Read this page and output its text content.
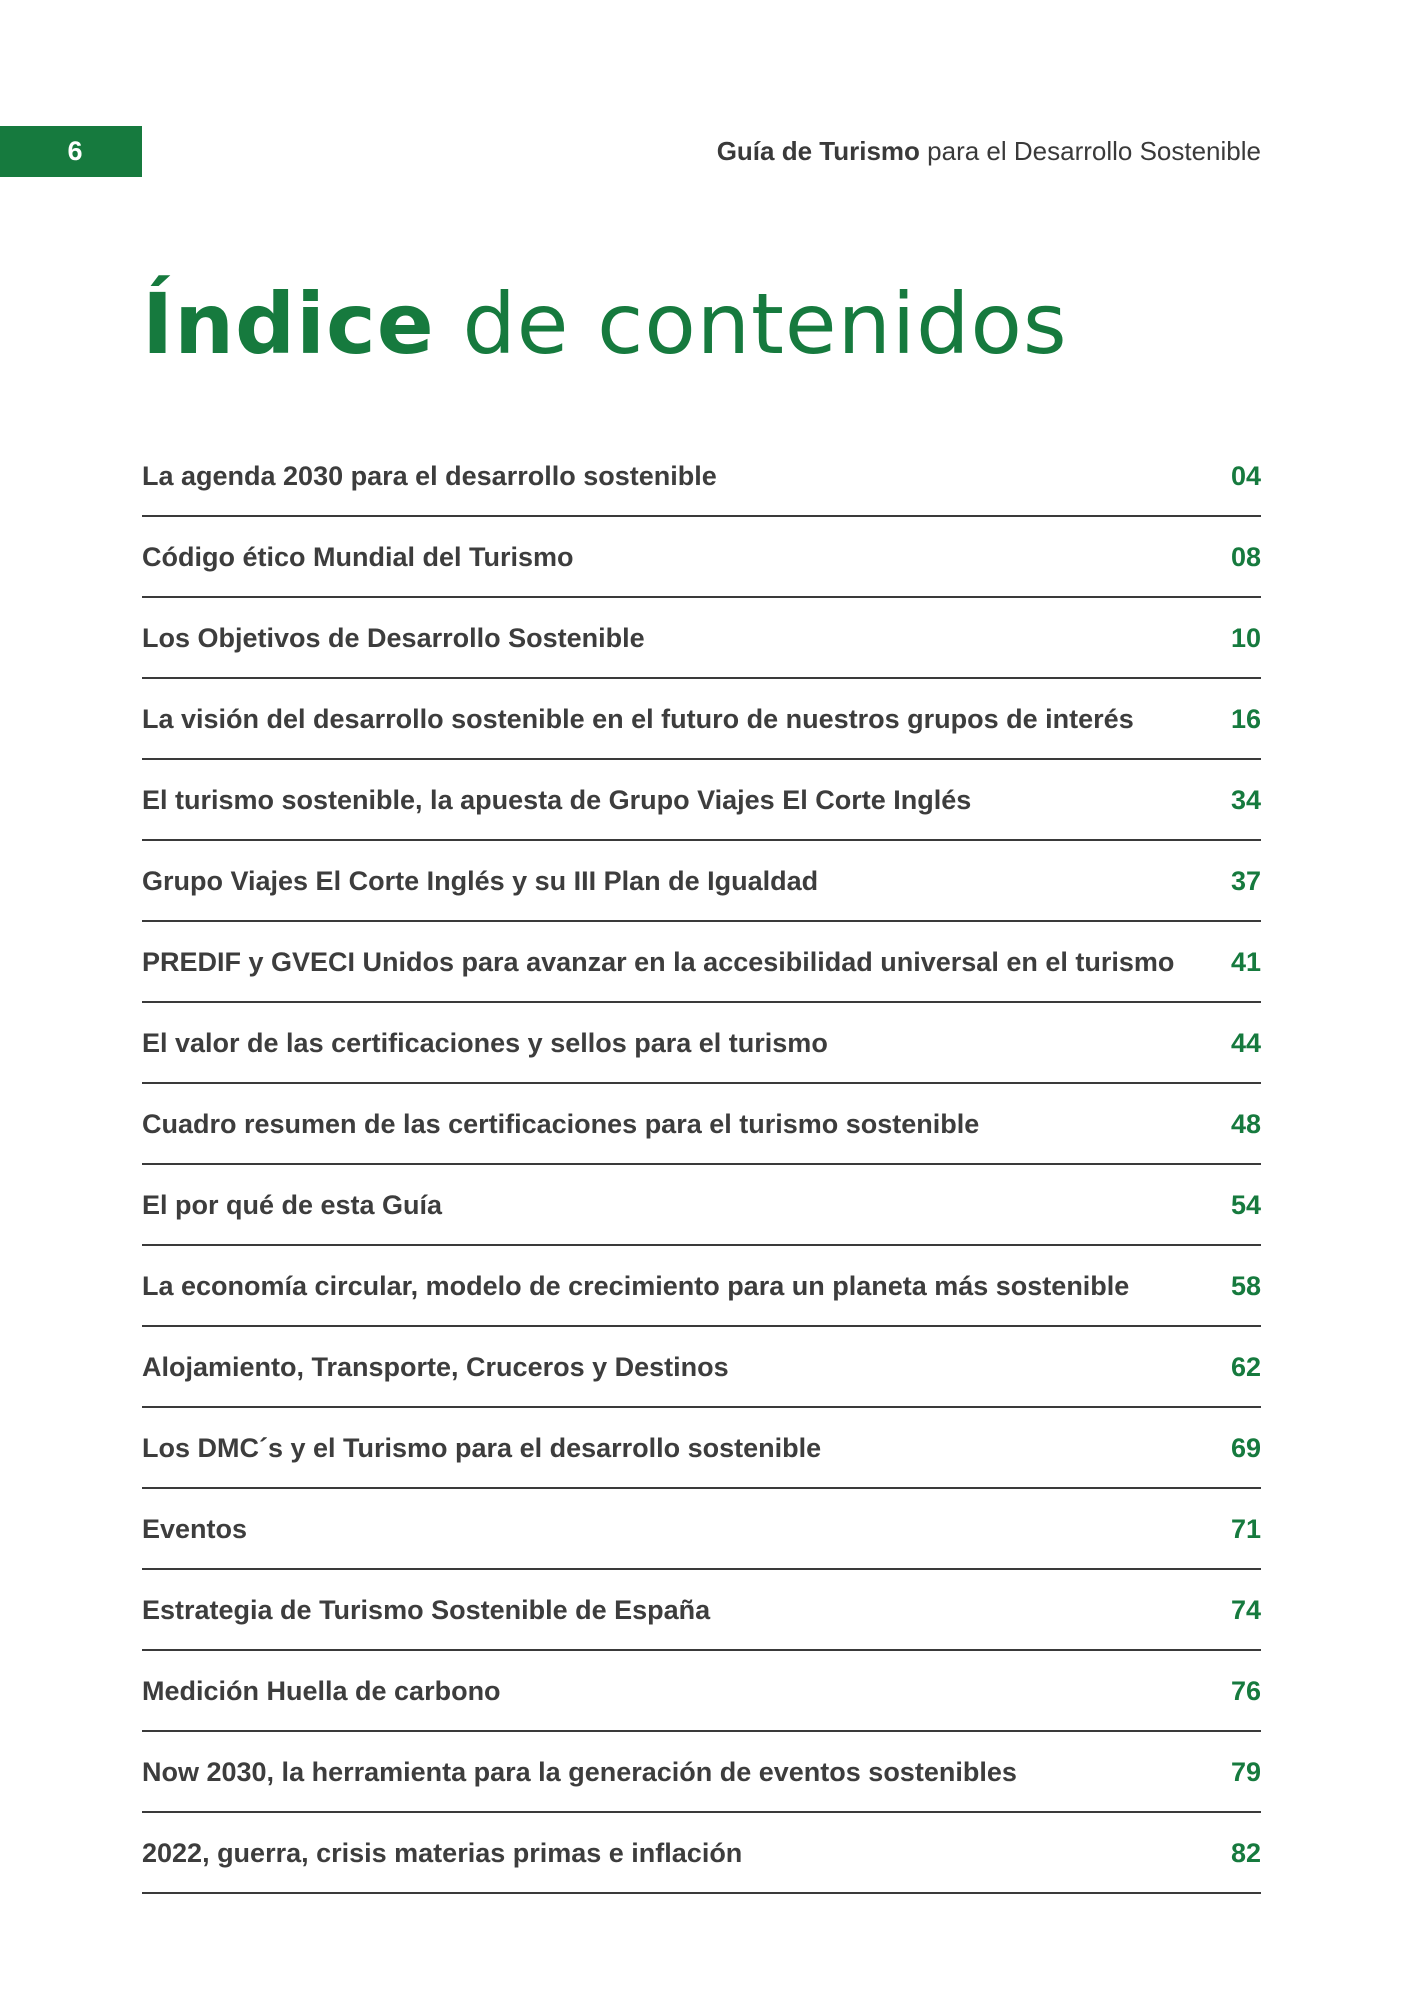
6	Guía de Turismo para el Desarrollo Sostenible
Índice de contenidos
La agenda 2030 para el desarrollo sostenible	04
Código ético Mundial del Turismo	08
Los Objetivos de Desarrollo Sostenible	10
La visión del desarrollo sostenible en el futuro de nuestros grupos de interés	16
El turismo sostenible, la apuesta de Grupo Viajes El Corte Inglés	34
Grupo Viajes El Corte Inglés y su III Plan de Igualdad	37
PREDIF y GVECI Unidos para avanzar en la accesibilidad universal en el turismo 41
El valor de las certificaciones y sellos para el turismo	44
Cuadro resumen de las certificaciones para el turismo sostenible	48
El por qué de esta Guía	54
La economía circular, modelo de crecimiento para un planeta más sostenible	58
Alojamiento, Transporte, Cruceros y Destinos	62
Los DMC´s y el Turismo para el desarrollo sostenible	69
Eventos	71
Estrategia de Turismo Sostenible de España	74
Medición Huella de carbono	76
Now 2030, la herramienta para la generación de eventos sostenibles	79
2022, guerra, crisis materias primas e inflación	82
